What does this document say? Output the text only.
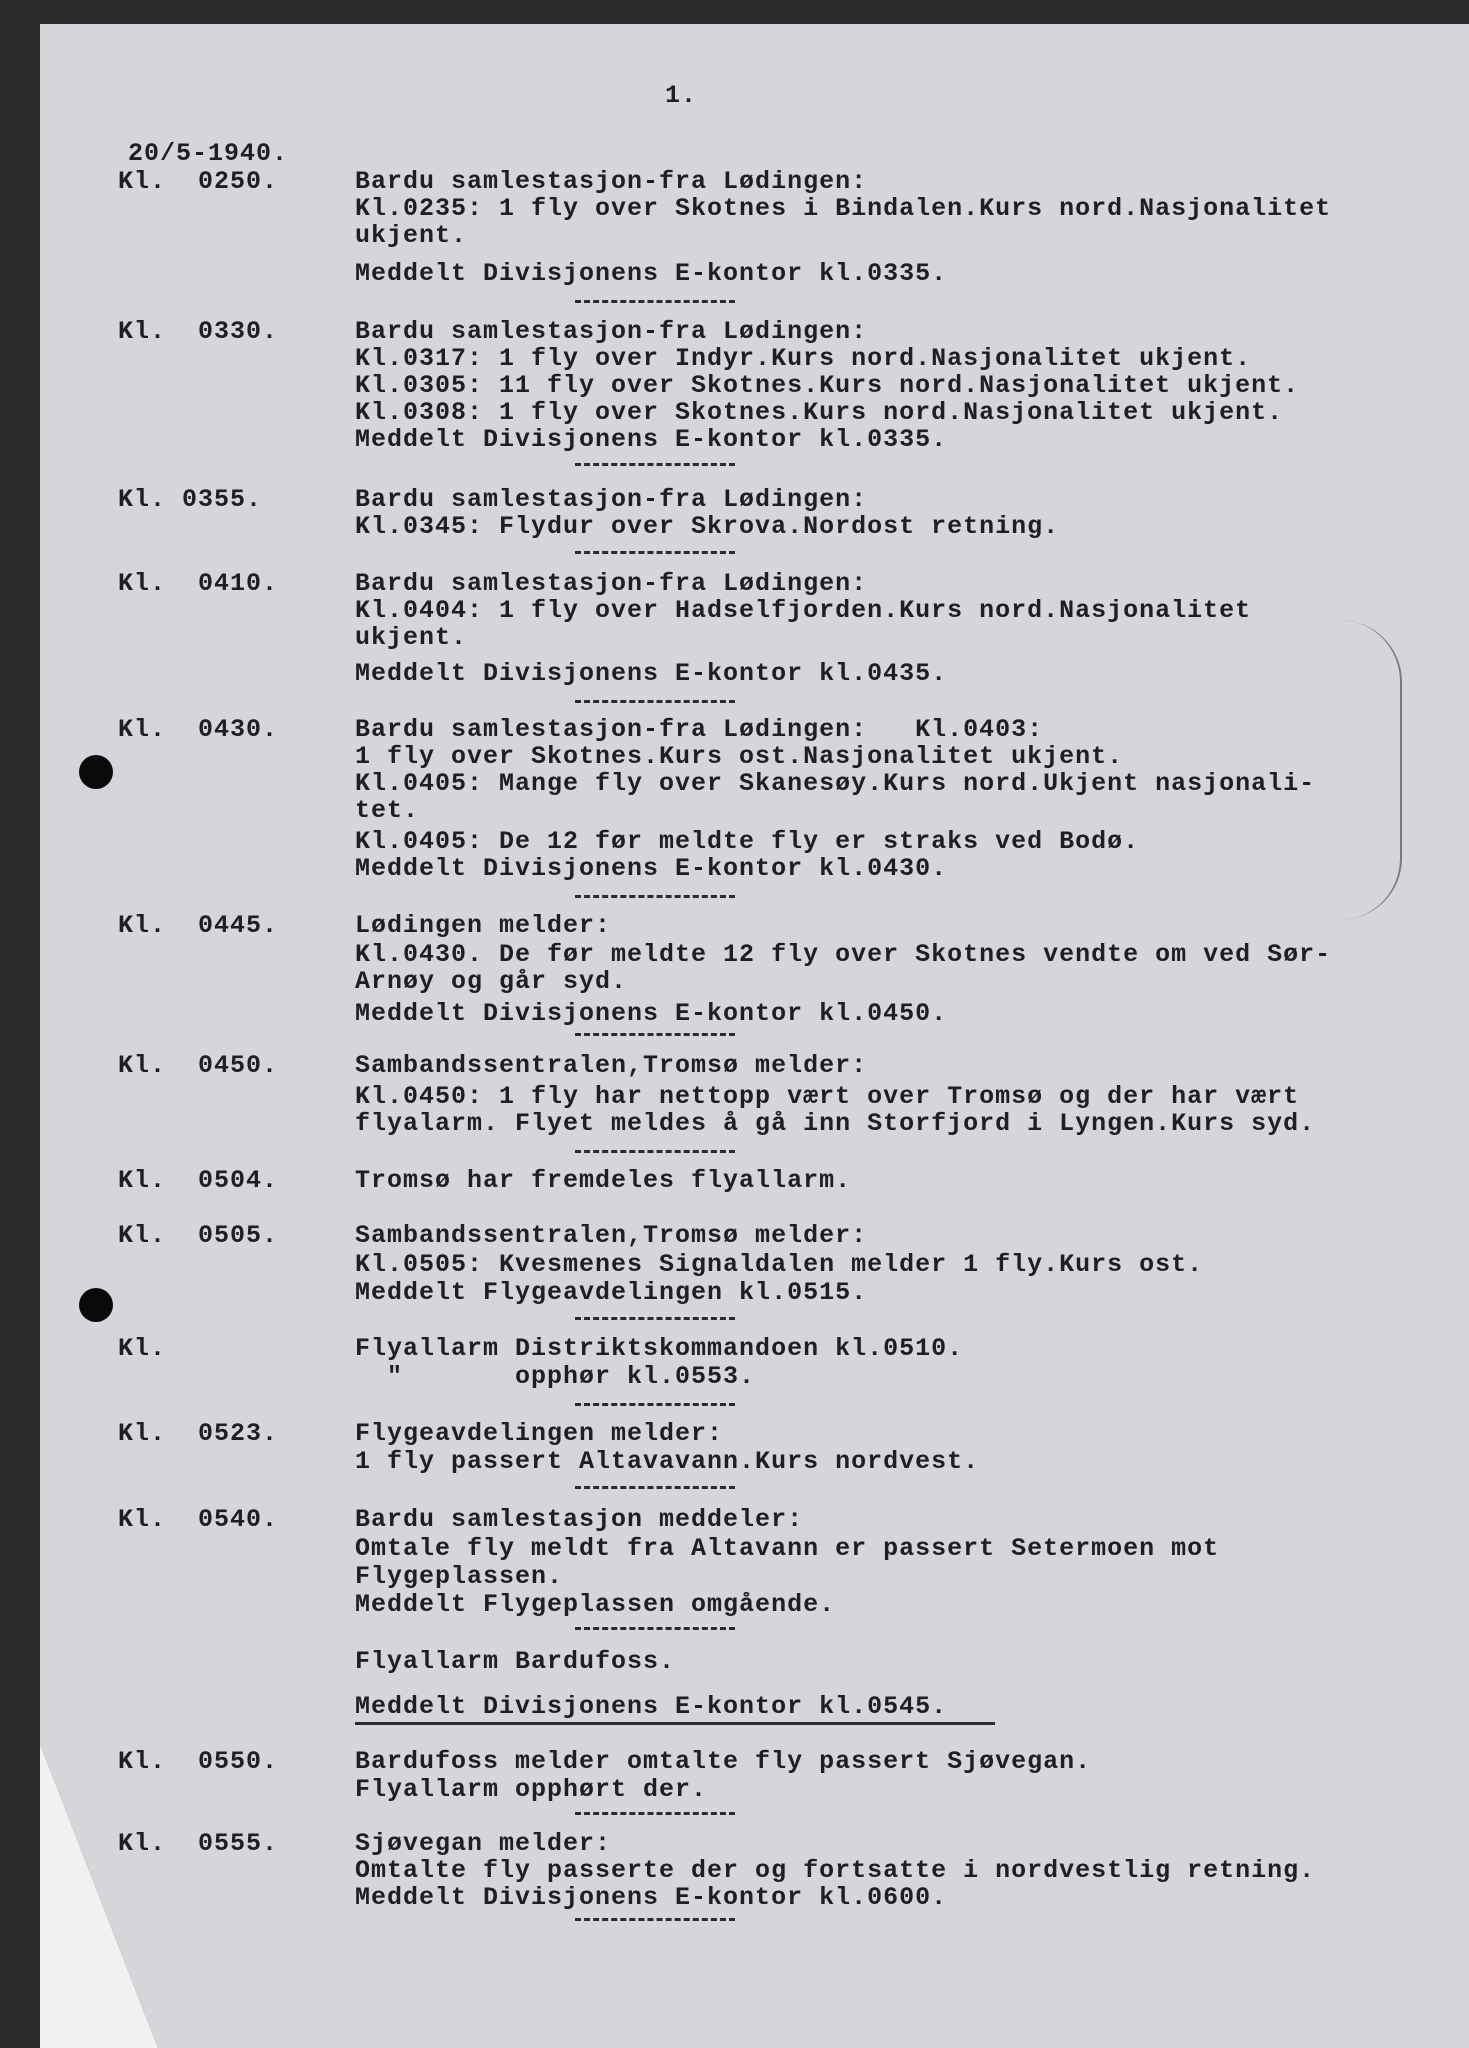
1.
20/5-1940.
Kl.  0250.	Bardu samlestasjon-fra Lødingen:
Kl.0235: 1 fly over Skotnes i Bindalen.Kurs nord.Nasjonalitet
ukjent.
Meddelt Divisjonens E-kontor kl.0335.
Kl.  0330.	Bardu samlestasjon-fra Lødingen:
Kl.0317: 1 fly over Indyr.Kurs nord.Nasjonalitet ukjent.
Kl.0305: 11 fly over Skotnes.Kurs nord.Nasjonalitet ukjent.
Kl.0308: 1 fly over Skotnes.Kurs nord.Nasjonalitet ukjent.
Meddelt Divisjonens E-kontor kl.0335.
Kl. 0355.	Bardu samlestasjon-fra Lødingen:
Kl.0345: Flydur over Skrova.Nordost retning.
Kl.  0410.	Bardu samlestasjon-fra Lødingen:
Kl.0404: 1 fly over Hadselfjorden.Kurs nord.Nasjonalitet
ukjent.
Meddelt Divisjonens E-kontor kl.0435.
Kl.  0430.	Bardu samlestasjon-fra Lødingen:   Kl.0403:
1 fly over Skotnes.Kurs ost.Nasjonalitet ukjent.
Kl.0405: Mange fly over Skanesøy.Kurs nord.Ukjent nasjonali-
tet.
Kl.0405: De 12 før meldte fly er straks ved Bodø.
Meddelt Divisjonens E-kontor kl.0430.
Kl.  0445.	Lødingen melder:
Kl.0430. De før meldte 12 fly over Skotnes vendte om ved Sør-
Arnøy og går syd.
Meddelt Divisjonens E-kontor kl.0450.
Kl.  0450.	Sambandssentralen,Tromsø melder:
Kl.0450: 1 fly har nettopp vært over Tromsø og der har vært
flyalarm. Flyet meldes å gå inn Storfjord i Lyngen.Kurs syd.
Kl.  0504.	Tromsø har fremdeles flyallarm.
Kl.  0505.	Sambandssentralen,Tromsø melder:
Kl.0505: Kvesmenes Signaldalen melder 1 fly.Kurs ost.
Meddelt Flygeavdelingen kl.0515.
Kl.	Flyallarm Distriktskommandoen kl.0510.
"       opphør kl.0553.
Kl.  0523.	Flygeavdelingen melder:
1 fly passert Altavavann.Kurs nordvest.
Kl.  0540.	Bardu samlestasjon meddeler:
Omtale fly meldt fra Altavann er passert Setermoen mot
Flygeplassen.
Meddelt Flygeplassen omgående.
Flyallarm Bardufoss.
Meddelt Divisjonens E-kontor kl.0545.
Kl.  0550.	Bardufoss melder omtalte fly passert Sjøvegan.
Flyallarm opphørt der.
Kl.  0555.	Sjøvegan melder:
Omtalte fly passerte der og fortsatte i nordvestlig retning.
Meddelt Divisjonens E-kontor kl.0600.
